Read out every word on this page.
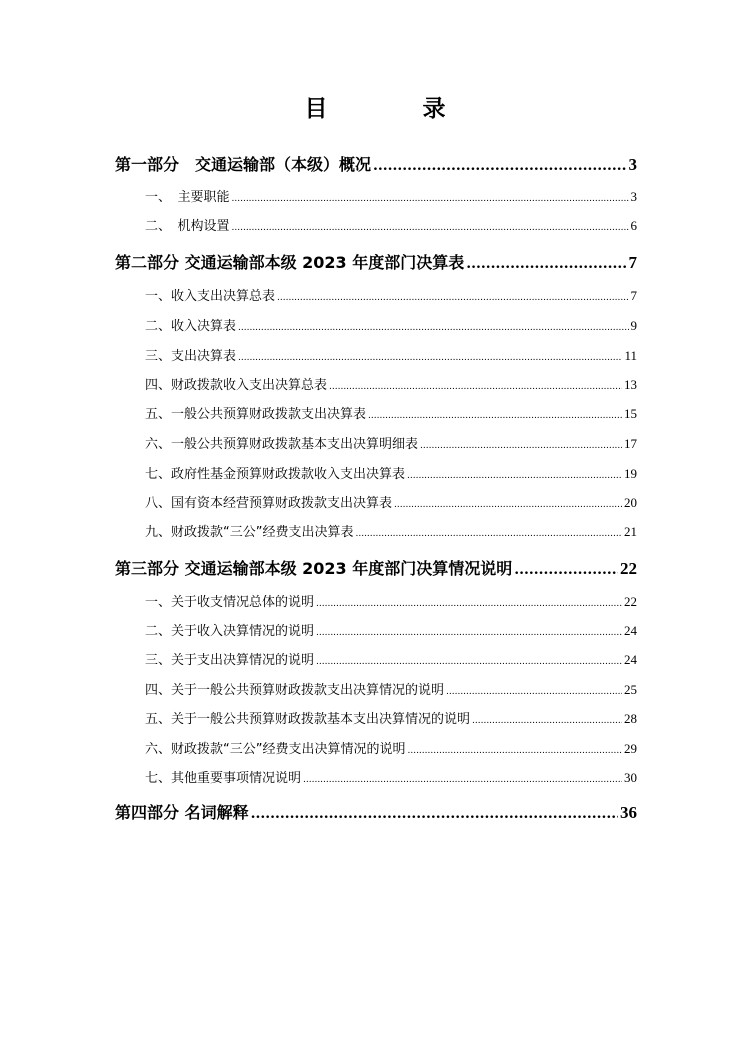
目　录
第一部分　交通运输部（本级）概况 .....	3
一、　主要职能 .....	3
二、　机构设置 .....	6
第二部分 交通运输部本级 2023 年度部门决算表 .....	7
一、收入支出决算总表 .....	7
二、收入决算表 .....	9
三、支出决算表 .....	11
四、财政拨款收入支出决算总表 .....	13
五、一般公共预算财政拨款支出决算表 .....	15
六、一般公共预算财政拨款基本支出决算明细表 .....	17
七、政府性基金预算财政拨款收入支出决算表 .....	19
八、国有资本经营预算财政拨款支出决算表 .....	20
九、财政拨款“三公”经费支出决算表 .....	21
第三部分 交通运输部本级 2023 年度部门决算情况说明 .....	22
一、关于收支情况总体的说明 .....	22
二、关于收入决算情况的说明 .....	24
三、关于支出决算情况的说明 .....	24
四、关于一般公共预算财政拨款支出决算情况的说明 .....	25
五、关于一般公共预算财政拨款基本支出决算情况的说明 .....	28
六、财政拨款“三公”经费支出决算情况的说明 .....	29
七、其他重要事项情况说明 .....	30
第四部分 名词解释 .....	36
